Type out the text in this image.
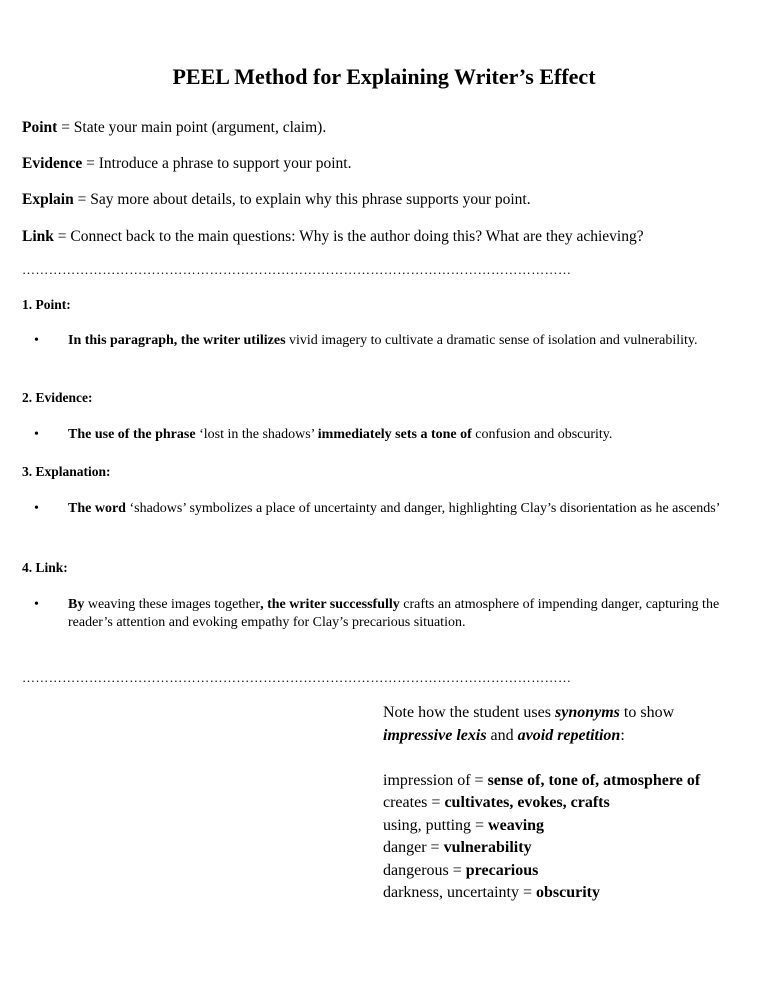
PEEL Method for Explaining Writer’s Effect
Point = State your main point (argument, claim).
Evidence = Introduce a phrase to support your point.
Explain = Say more about details, to explain why this phrase supports your point.
Link = Connect back to the main questions: Why is the author doing this? What are they achieving?
……………………………………………………………………………………………………………
1. Point:
• In this paragraph, the writer utilizes vivid imagery to cultivate a dramatic sense of isolation and vulnerability.
2. Evidence:
• The use of the phrase ‘lost in the shadows’ immediately sets a tone of confusion and obscurity.
3. Explanation:
• The word ‘shadows’ symbolizes a place of uncertainty and danger, highlighting Clay’s disorientation as he ascends’
4. Link:
• By weaving these images together, the writer successfully crafts an atmosphere of impending danger, capturing the reader’s attention and evoking empathy for Clay’s precarious situation.
……………………………………………………………………………………………………………
Note how the student uses synonyms to show
impressive lexis and avoid repetition:
impression of = sense of, tone of, atmosphere of
creates = cultivates, evokes, crafts
using, putting = weaving
danger = vulnerability
dangerous = precarious
darkness, uncertainty = obscurity
